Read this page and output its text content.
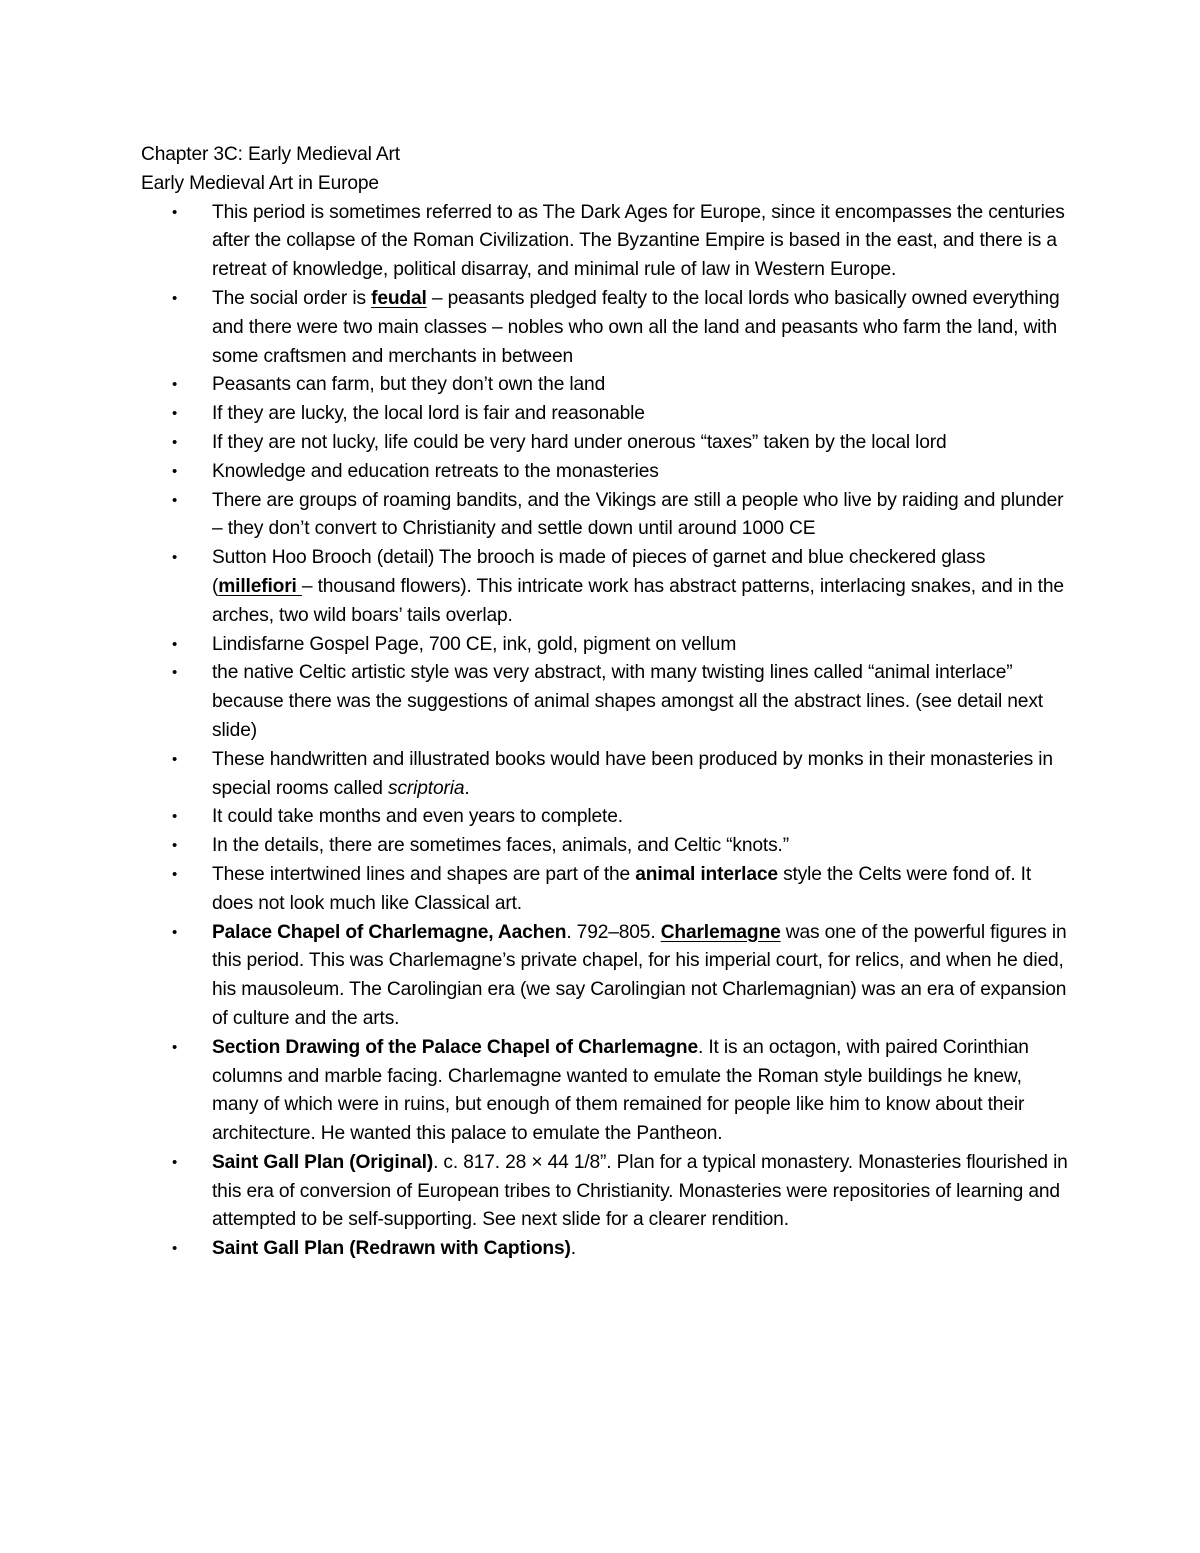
Chapter 3C: Early Medieval Art

Early Medieval Art in Europe

• This period is sometimes referred to as The Dark Ages for Europe, since it encompasses the centuries after the collapse of the Roman Civilization. The Byzantine Empire is based in the east, and there is a retreat of knowledge, political disarray, and minimal rule of law in Western Europe.
• The social order is feudal – peasants pledged fealty to the local lords who basically owned everything and there were two main classes – nobles who own all the land and peasants who farm the land, with some craftsmen and merchants in between
• Peasants can farm, but they don’t own the land
• If they are lucky, the local lord is fair and reasonable
• If they are not lucky, life could be very hard under onerous “taxes” taken by the local lord
• Knowledge and education retreats to the monasteries
• There are groups of roaming bandits, and the Vikings are still a people who live by raiding and plunder – they don’t convert to Christianity and settle down until around 1000 CE
• Sutton Hoo Brooch (detail) The brooch is made of pieces of garnet and blue checkered glass (millefiori – thousand flowers). This intricate work has abstract patterns, interlacing snakes, and in the arches, two wild boars’ tails overlap.
• Lindisfarne Gospel Page, 700 CE, ink, gold, pigment on vellum
• the native Celtic artistic style was very abstract, with many twisting lines called “animal interlace” because there was the suggestions of animal shapes amongst all the abstract lines. (see detail next slide)
• These handwritten and illustrated books would have been produced by monks in their monasteries in special rooms called scriptoria.
• It could take months and even years to complete.
• In the details, there are sometimes faces, animals, and Celtic “knots.”
• These intertwined lines and shapes are part of the animal interlace style the Celts were fond of. It does not look much like Classical art.
• Palace Chapel of Charlemagne, Aachen. 792–805. Charlemagne was one of the powerful figures in this period. This was Charlemagne’s private chapel, for his imperial court, for relics, and when he died, his mausoleum. The Carolingian era (we say Carolingian not Charlemagnian) was an era of expansion of culture and the arts.
• Section Drawing of the Palace Chapel of Charlemagne. It is an octagon, with paired Corinthian columns and marble facing. Charlemagne wanted to emulate the Roman style buildings he knew, many of which were in ruins, but enough of them remained for people like him to know about their architecture. He wanted this palace to emulate the Pantheon.
• Saint Gall Plan (Original). c. 817. 28 × 44 1/8”. Plan for a typical monastery. Monasteries flourished in this era of conversion of European tribes to Christianity. Monasteries were repositories of learning and attempted to be self-supporting. See next slide for a clearer rendition.
• Saint Gall Plan (Redrawn with Captions).
